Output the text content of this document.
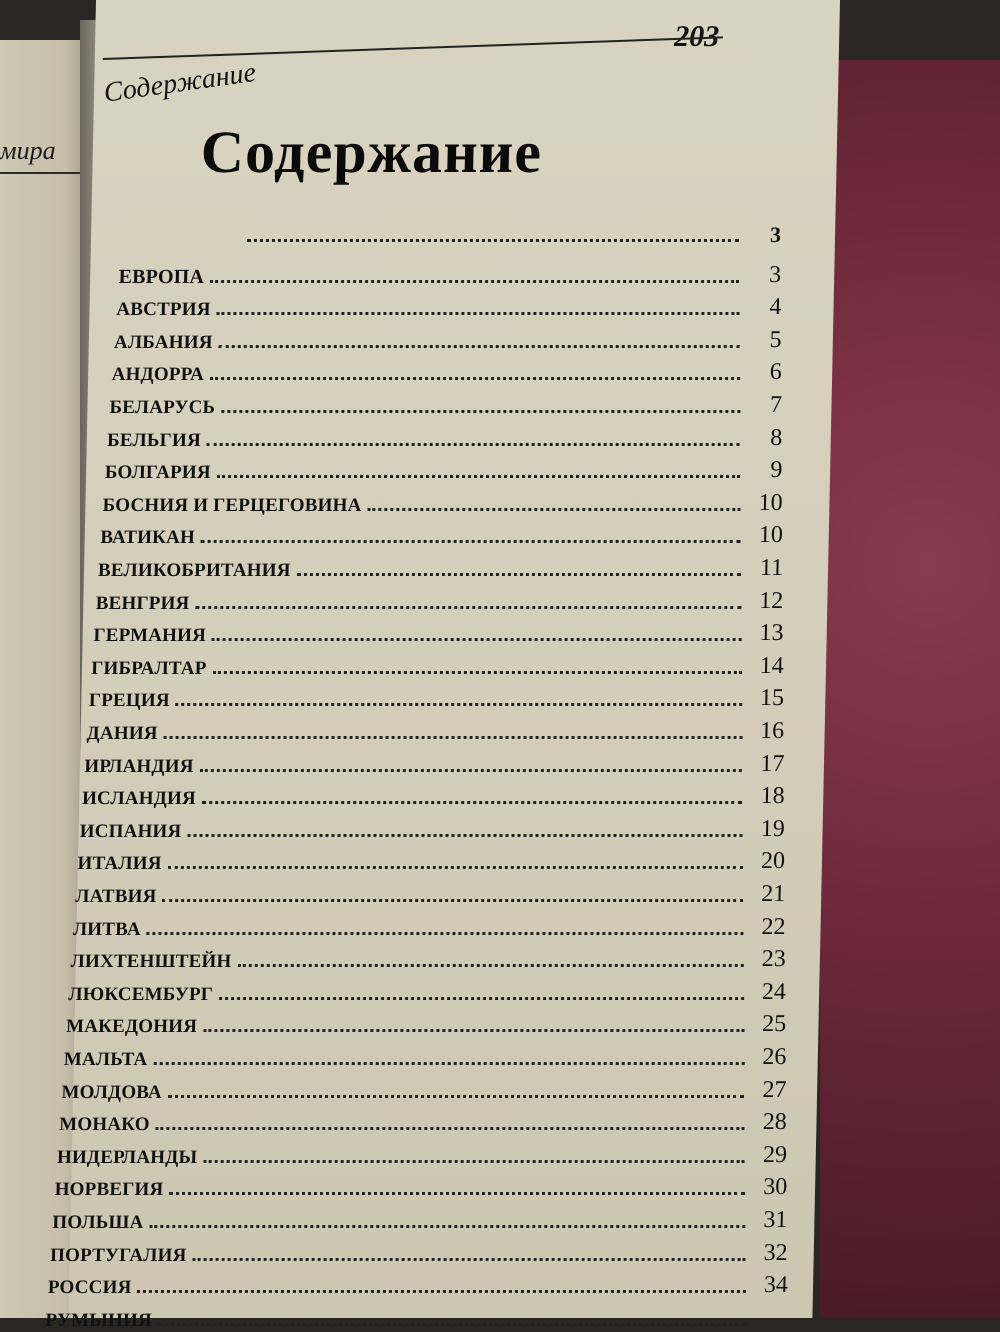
мира
203
Содержание
Содержание
3
ЕВРОПА	3
АВСТРИЯ	4
АЛБАНИЯ	5
АНДОРРА	6
БЕЛАРУСЬ	7
БЕЛЬГИЯ	8
БОЛГАРИЯ	9
БОСНИЯ И ГЕРЦЕГОВИНА	10
ВАТИКАН	10
ВЕЛИКОБРИТАНИЯ	11
ВЕНГРИЯ	12
ГЕРМАНИЯ	13
ГИБРАЛТАР	14
ГРЕЦИЯ	15
ДАНИЯ	16
ИРЛАНДИЯ	17
ИСЛАНДИЯ	18
ИСПАНИЯ	19
ИТАЛИЯ	20
ЛАТВИЯ	21
ЛИТВА	22
ЛИХТЕНШТЕЙН	23
ЛЮКСЕМБУРГ	24
МАКЕДОНИЯ	25
МАЛЬТА	26
МОЛДОВА	27
МОНАКО	28
НИДЕРЛАНДЫ	29
НОРВЕГИЯ	30
ПОЛЬША	31
ПОРТУГАЛИЯ	32
РОССИЯ	34
РУМЫНИЯ
